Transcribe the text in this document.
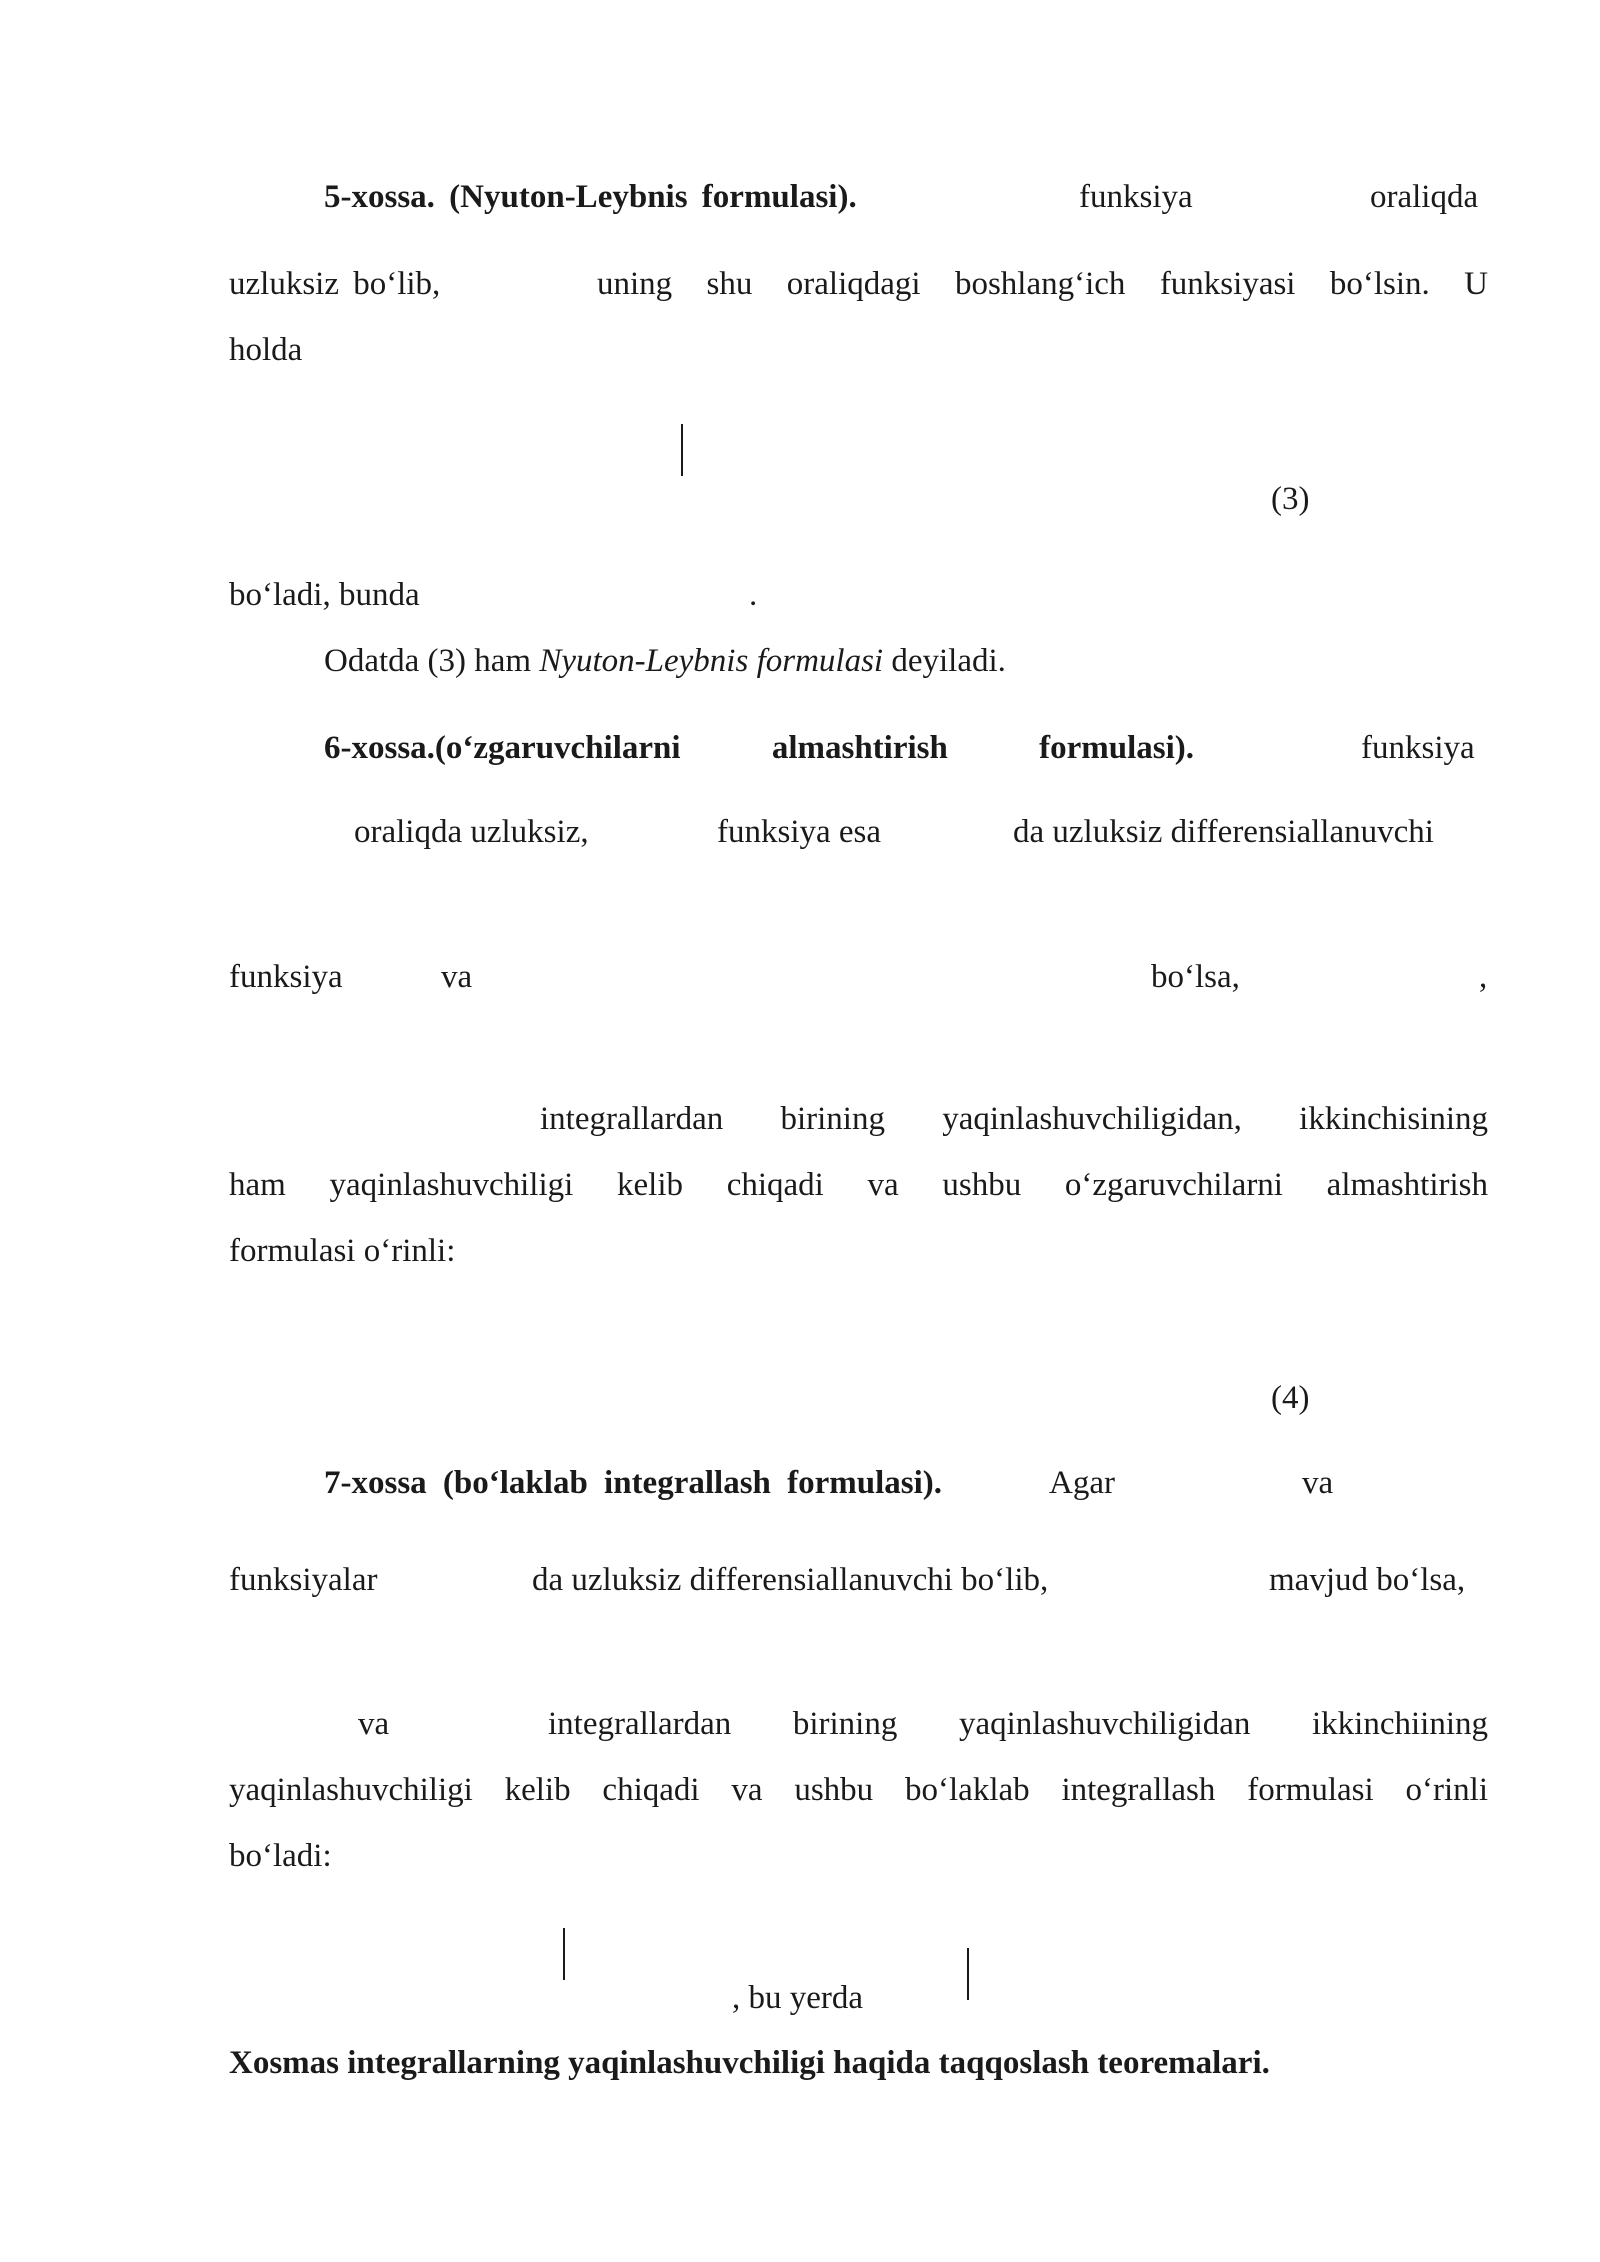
5-xossa. (Nyuton-Leybnis formulasi).	funksiya	oraliqda
uzluksiz bo‘lib,	uning shu oraliqdagi boshlang‘ich funksiyasi bo‘lsin. U
holda
(3)
bo‘ladi, bunda	.
Odatda (3) ham Nyuton-Leybnis formulasi deyiladi.
6-xossa.(o‘zgaruvchilarni almashtirish formulasi).	funksiya
oraliqda uzluksiz,	funksiya esa	da uzluksiz differensiallanuvchi
funksiya	va	bo‘lsa,	,
integrallardan birining yaqinlashuvchiligidan, ikkinchisining
ham yaqinlashuvchiligi kelib chiqadi va ushbu o‘zgaruvchilarni almashtirish
formulasi o‘rinli:
(4)
7-xossa (bo‘laklab integrallash formulasi).	Agar	va
funksiyalar	da uzluksiz differensiallanuvchi bo‘lib,	mavjud bo‘lsa,
va	integrallardan birining yaqinlashuvchiligidan ikkinchiining
yaqinlashuvchiligi kelib chiqadi va ushbu bo‘laklab integrallash formulasi o‘rinli
bo‘ladi:
, bu yerda
Xosmas integrallarning yaqinlashuvchiligi haqida taqqoslash teoremalari.
